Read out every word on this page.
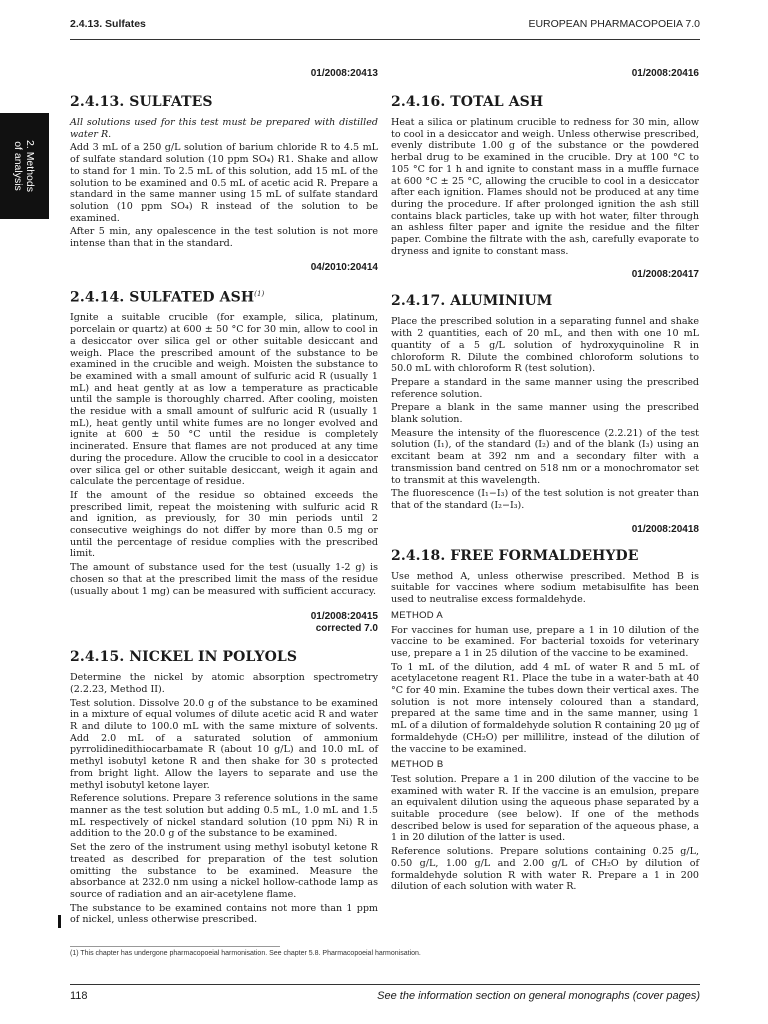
2.4.13. Sulfates	EUROPEAN PHARMACOPOEIA 7.0
2. Methods
of analysis
01/2008:20413
2.4.13. SULFATES

All solutions used for this test must be prepared with distilled water R.

Add 3 mL of a 250 g/L solution of barium chloride R to 4.5 mL of sulfate standard solution (10 ppm SO₄) R1. Shake and allow to stand for 1 min. To 2.5 mL of this solution, add 15 mL of the solution to be examined and 0.5 mL of acetic acid R. Prepare a standard in the same manner using 15 mL of sulfate standard solution (10 ppm SO₄) R instead of the solution to be examined.

After 5 min, any opalescence in the test solution is not more intense than that in the standard.

04/2010:20414
2.4.14. SULFATED ASH$^{(1)}$

Ignite a suitable crucible (for example, silica, platinum, porcelain or quartz) at 600 ± 50 °C for 30 min, allow to cool in a desiccator over silica gel or other suitable desiccant and weigh. Place the prescribed amount of the substance to be examined in the crucible and weigh. Moisten the substance to be examined with a small amount of sulfuric acid R (usually 1 mL) and heat gently at as low a temperature as practicable until the sample is thoroughly charred. After cooling, moisten the residue with a small amount of sulfuric acid R (usually 1 mL), heat gently until white fumes are no longer evolved and ignite at 600 ± 50 °C until the residue is completely incinerated. Ensure that flames are not produced at any time during the procedure. Allow the crucible to cool in a desiccator over silica gel or other suitable desiccant, weigh it again and calculate the percentage of residue.

If the amount of the residue so obtained exceeds the prescribed limit, repeat the moistening with sulfuric acid R and ignition, as previously, for 30 min periods until 2 consecutive weighings do not differ by more than 0.5 mg or until the percentage of residue complies with the prescribed limit.

The amount of substance used for the test (usually 1-2 g) is chosen so that at the prescribed limit the mass of the residue (usually about 1 mg) can be measured with sufficient accuracy.

01/2008:20415
corrected 7.0
2.4.15. NICKEL IN POLYOLS

Determine the nickel by atomic absorption spectrometry (2.2.23, Method II).

Test solution. Dissolve 20.0 g of the substance to be examined in a mixture of equal volumes of dilute acetic acid R and water R and dilute to 100.0 mL with the same mixture of solvents. Add 2.0 mL of a saturated solution of ammonium pyrrolidinedithiocarbamate R (about 10 g/L) and 10.0 mL of methyl isobutyl ketone R and then shake for 30 s protected from bright light. Allow the layers to separate and use the methyl isobutyl ketone layer.

Reference solutions. Prepare 3 reference solutions in the same manner as the test solution but adding 0.5 mL, 1.0 mL and 1.5 mL respectively of nickel standard solution (10 ppm Ni) R in addition to the 20.0 g of the substance to be examined.

Set the zero of the instrument using methyl isobutyl ketone R treated as described for preparation of the test solution omitting the substance to be examined. Measure the absorbance at 232.0 nm using a nickel hollow-cathode lamp as source of radiation and an air-acetylene flame.

The substance to be examined contains not more than 1 ppm of nickel, unless otherwise prescribed.

01/2008:20416
2.4.16. TOTAL ASH

Heat a silica or platinum crucible to redness for 30 min, allow to cool in a desiccator and weigh. Unless otherwise prescribed, evenly distribute 1.00 g of the substance or the powdered herbal drug to be examined in the crucible. Dry at 100 °C to 105 °C for 1 h and ignite to constant mass in a muffle furnace at 600 °C ± 25 °C, allowing the crucible to cool in a desiccator after each ignition. Flames should not be produced at any time during the procedure. If after prolonged ignition the ash still contains black particles, take up with hot water, filter through an ashless filter paper and ignite the residue and the filter paper. Combine the filtrate with the ash, carefully evaporate to dryness and ignite to constant mass.

01/2008:20417
2.4.17. ALUMINIUM

Place the prescribed solution in a separating funnel and shake with 2 quantities, each of 20 mL, and then with one 10 mL quantity of a 5 g/L solution of hydroxyquinoline R in chloroform R. Dilute the combined chloroform solutions to 50.0 mL with chloroform R (test solution).

Prepare a standard in the same manner using the prescribed reference solution.

Prepare a blank in the same manner using the prescribed blank solution.

Measure the intensity of the fluorescence (2.2.21) of the test solution (I₁), of the standard (I₂) and of the blank (I₃) using an excitant beam at 392 nm and a secondary filter with a transmission band centred on 518 nm or a monochromator set to transmit at this wavelength.

The fluorescence (I₁−I₃) of the test solution is not greater than that of the standard (I₂−I₃).

01/2008:20418
2.4.18. FREE FORMALDEHYDE

Use method A, unless otherwise prescribed. Method B is suitable for vaccines where sodium metabisulfite has been used to neutralise excess formaldehyde.

METHOD A

For vaccines for human use, prepare a 1 in 10 dilution of the vaccine to be examined. For bacterial toxoids for veterinary use, prepare a 1 in 25 dilution of the vaccine to be examined.

To 1 mL of the dilution, add 4 mL of water R and 5 mL of acetylacetone reagent R1. Place the tube in a water-bath at 40 °C for 40 min. Examine the tubes down their vertical axes. The solution is not more intensely coloured than a standard, prepared at the same time and in the same manner, using 1 mL of a dilution of formaldehyde solution R containing 20 μg of formaldehyde (CH₂O) per millilitre, instead of the dilution of the vaccine to be examined.

METHOD B

Test solution. Prepare a 1 in 200 dilution of the vaccine to be examined with water R. If the vaccine is an emulsion, prepare an equivalent dilution using the aqueous phase separated by a suitable procedure (see below). If one of the methods described below is used for separation of the aqueous phase, a 1 in 20 dilution of the latter is used.

Reference solutions. Prepare solutions containing 0.25 g/L, 0.50 g/L, 1.00 g/L and 2.00 g/L of CH₂O by dilution of formaldehyde solution R with water R. Prepare a 1 in 200 dilution of each solution with water R.

(1) This chapter has undergone pharmacopoeial harmonisation. See chapter 5.8. Pharmacopoeial harmonisation.
118	See the information section on general monographs (cover pages)
